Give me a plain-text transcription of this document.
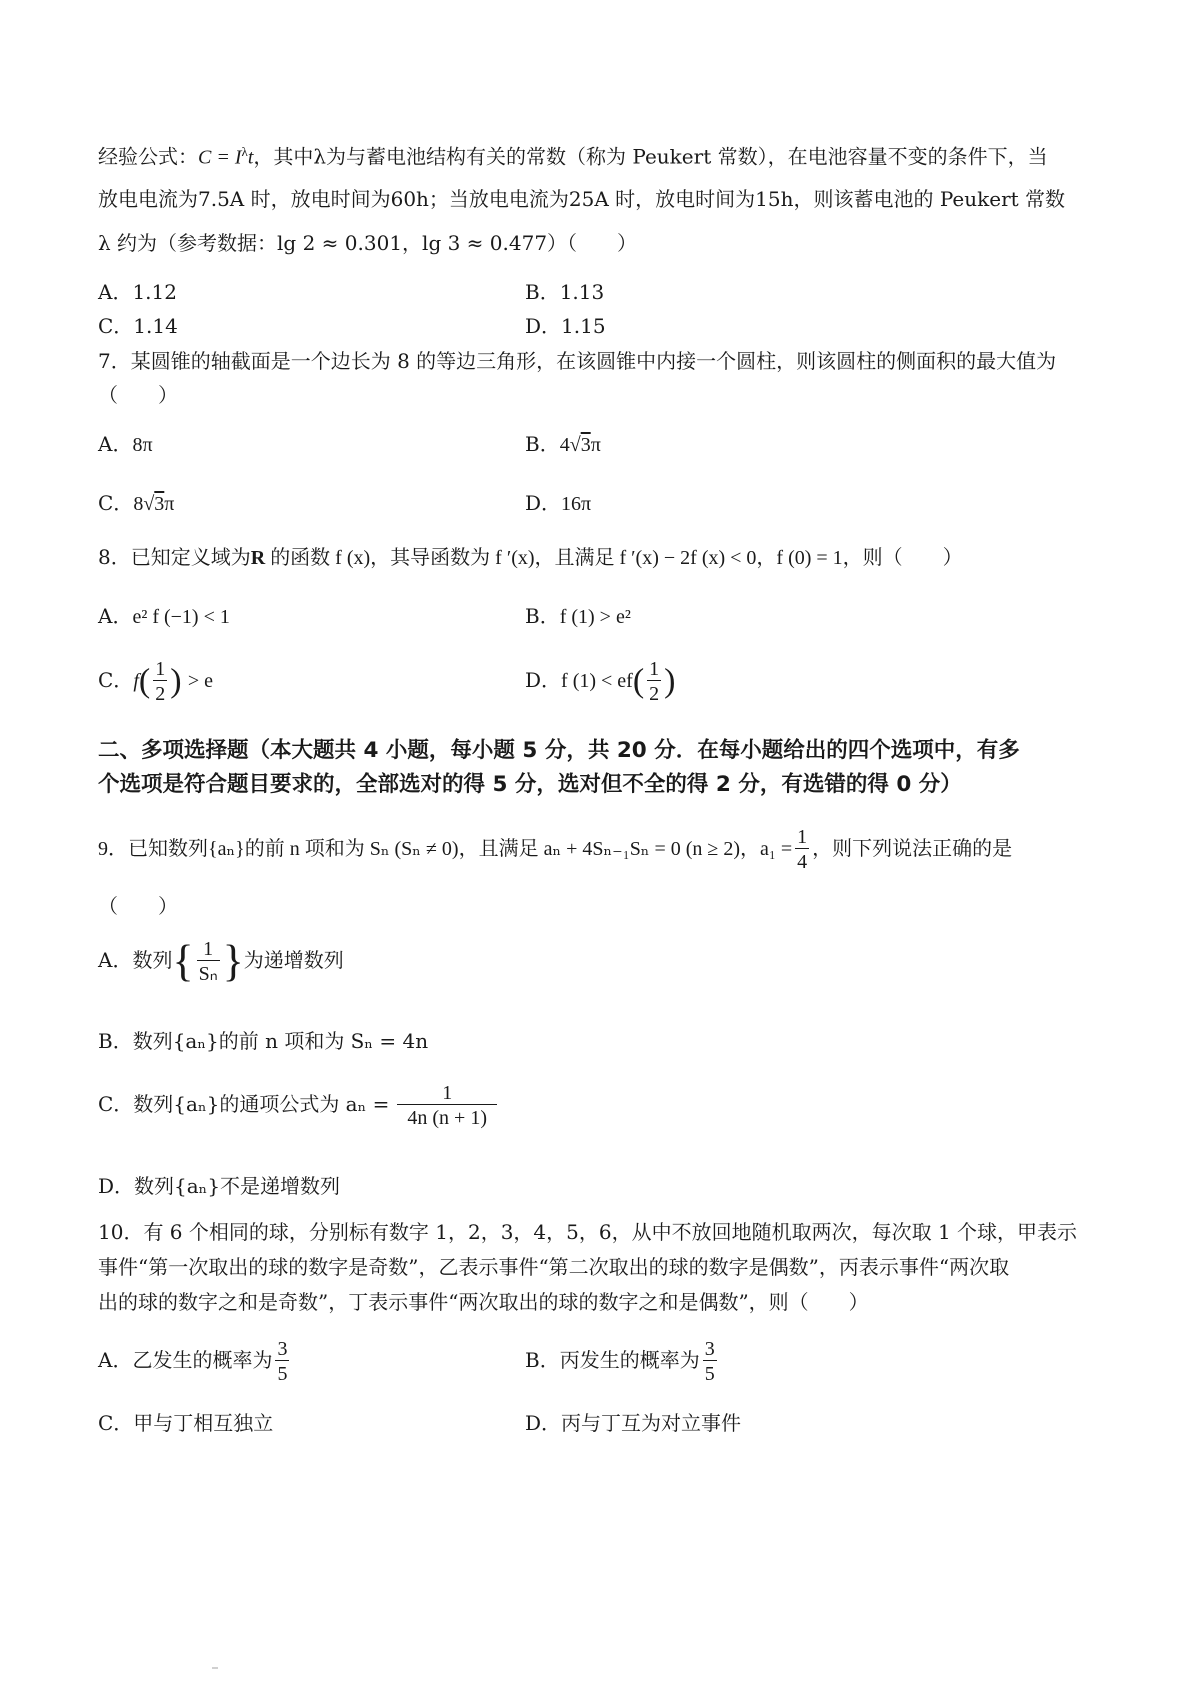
经验公式：$C = I^\lambda t$，其中λ为与蓄电池结构有关的常数（称为 Peukert 常数），在电池容量不变的条件下，当
放电电流为7.5A 时，放电时间为60h；当放电电流为25A 时，放电时间为15h，则该蓄电池的 Peukert 常数
λ 约为（参考数据：lg 2 ≈ 0.301，lg 3 ≈ 0.477）（　　）
A．1.12	B．1.13
C．1.14	D．1.15
7．某圆锥的轴截面是一个边长为 8 的等边三角形，在该圆锥中内接一个圆柱，则该圆柱的侧面积的最大值为
（　　）
A．8π	B．4√3π
C．8√3π	D．16π
8．已知定义域为R 的函数 f (x)，其导函数为 f ′(x)，且满足 f ′(x) − 2f (x) < 0，f (0) = 1，则（　　）
A．e² f (−1) < 1	B．f (1) > e²
C．$f( \frac{1}{2}$ ) > e	D．f $(1) < ef( \frac{1}{2}$ )
二、多项选择题（本大题共 4 小题，每小题 5 分，共 20 分．在每小题给出的四个选项中，有多
个选项是符合题目要求的，全部选对的得 5 分，选对但不全的得 2 分，有选错的得 0 分）
9．已知数列{aₙ}的前 n 项和为 Sₙ (Sₙ ≠ 0)，且满足 aₙ + 4Sₙ₋₁Sₙ = 0 (n ≥ 2)，$a_1 = \frac{1}{4}$ ，则下列说法正确的是
（　　）
A．数列{ $\frac{1}{\text{Sₙ}}$ }为递增数列
B．数列{aₙ}的前 n 项和为 Sₙ = 4n
C．数列{aₙ}的通项公式为 $a_n = \frac{1}{4n (n + 1)}$
D．数列{aₙ}不是递增数列
10．有 6 个相同的球，分别标有数字 1，2，3，4，5，6，从中不放回地随机取两次，每次取 1 个球，甲表示
事件“第一次取出的球的数字是奇数”，乙表示事件“第二次取出的球的数字是偶数”，丙表示事件“两次取
出的球的数字之和是奇数”，丁表示事件“两次取出的球的数字之和是偶数”，则（　　）
A．乙发生的概率为 $\frac{3}{5}$	B．丙发生的概率为 $\frac{3}{5}$
C．甲与丁相互独立	D．丙与丁互为对立事件
